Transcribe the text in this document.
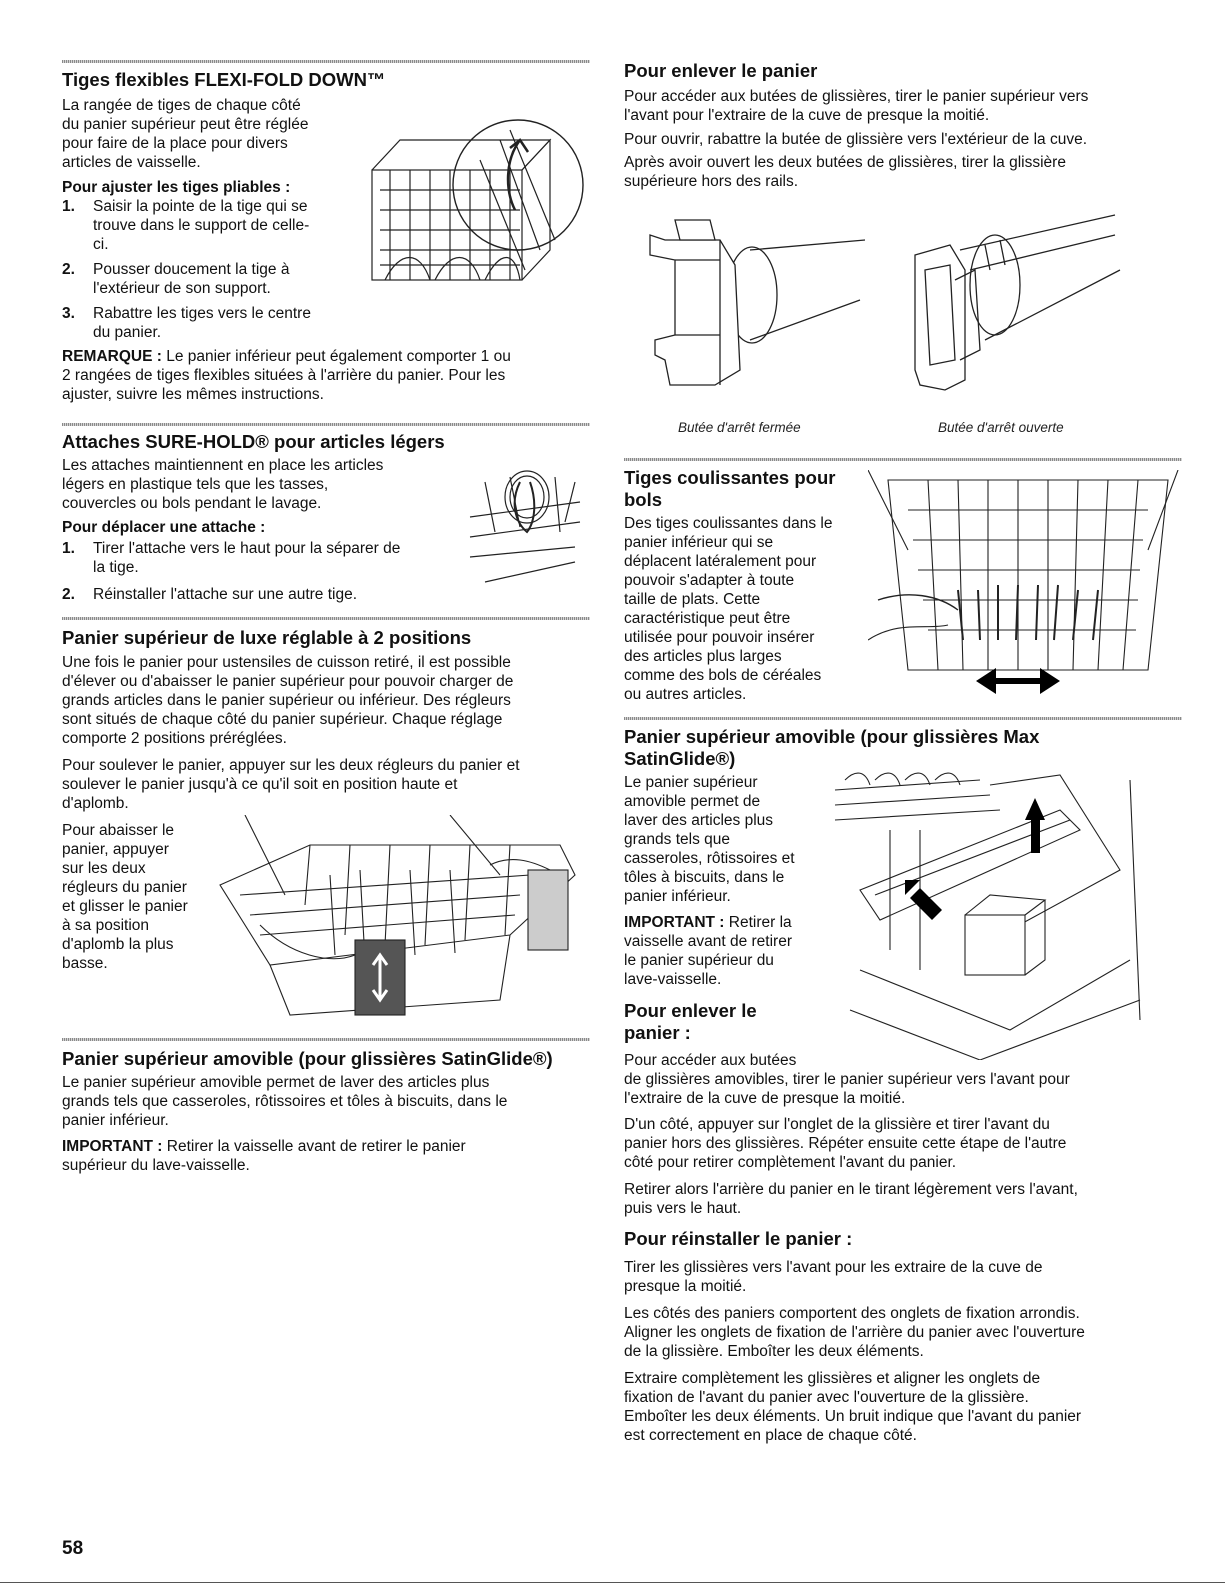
Tiges flexibles FLEXI-FOLD DOWN™

La rangée de tiges de chaque côté

du panier supérieur peut être réglée

pour faire de la place pour divers

articles de vaisselle.

Pour ajuster les tiges pliables :
1. Saisir la pointe de la tige qui se

trouve dans le support de celle-

ci.

2. Pousser doucement la tige à

l'extérieur de son support.

3. Rabattre les tiges vers le centre

du panier.

REMARQUE : Le panier inférieur peut également comporter 1 ou

2 rangées de tiges flexibles situées à l'arrière du panier. Pour les

ajuster, suivre les mêmes instructions.

Attaches SURE-HOLD® pour articles légers

Les attaches maintiennent en place les articles

légers en plastique tels que les tasses,

couvercles ou bols pendant le lavage.

Pour déplacer une attache :
1. Tirer l'attache vers le haut pour la séparer de

la tige.

2. Réinstaller l'attache sur une autre tige.
Panier supérieur de luxe réglable à 2 positions

Une fois le panier pour ustensiles de cuisson retiré, il est possible

d'élever ou d'abaisser le panier supérieur pour pouvoir charger de

grands articles dans le panier supérieur ou inférieur. Des régleurs

sont situés de chaque côté du panier supérieur. Chaque réglage

comporte 2 positions préréglées.

Pour soulever le panier, appuyer sur les deux régleurs du panier et

soulever le panier jusqu'à ce qu'il soit en position haute et

d'aplomb.

Pour abaisser le

panier, appuyer

sur les deux

régleurs du panier

et glisser le panier

à sa position

d'aplomb la plus

basse.

Panier supérieur amovible (pour glissières SatinGlide®)

Le panier supérieur amovible permet de laver des articles plus

grands tels que casseroles, rôtissoires et tôles à biscuits, dans le

panier inférieur.

IMPORTANT : Retirer la vaisselle avant de retirer le panier

supérieur du lave-vaisselle.

58
Pour enlever le panier

Pour accéder aux butées de glissières, tirer le panier supérieur vers

l'avant pour l'extraire de la cuve de presque la moitié.

Pour ouvrir, rabattre la butée de glissière vers l'extérieur de la cuve.

Après avoir ouvert les deux butées de glissières, tirer la glissière

supérieure hors des rails.

Butée d'arrêt fermée	Butée d'arrêt ouverte
Tiges coulissantes pour
bols

Des tiges coulissantes dans le

panier inférieur qui se

déplacent latéralement pour

pouvoir s'adapter à toute

taille de plats. Cette

caractéristique peut être

utilisée pour pouvoir insérer

des articles plus larges

comme des bols de céréales

ou autres articles.

Panier supérieur amovible (pour glissières Max
SatinGlide®)

Le panier supérieur

amovible permet de

laver des articles plus

grands tels que

casseroles, rôtissoires et

tôles à biscuits, dans le

panier inférieur.

IMPORTANT : Retirer la

vaisselle avant de retirer

le panier supérieur du

lave-vaisselle.

Pour enlever le
panier :

Pour accéder aux butées

de glissières amovibles, tirer le panier supérieur vers l'avant pour

l'extraire de la cuve de presque la moitié.

D'un côté, appuyer sur l'onglet de la glissière et tirer l'avant du

panier hors des glissières. Répéter ensuite cette étape de l'autre

côté pour retirer complètement l'avant du panier.

Retirer alors l'arrière du panier en le tirant légèrement vers l'avant,

puis vers le haut.

Pour réinstaller le panier :

Tirer les glissières vers l'avant pour les extraire de la cuve de

presque la moitié.

Les côtés des paniers comportent des onglets de fixation arrondis.

Aligner les onglets de fixation de l'arrière du panier avec l'ouverture

de la glissière. Emboîter les deux éléments.

Extraire complètement les glissières et aligner les onglets de

fixation de l'avant du panier avec l'ouverture de la glissière.

Emboîter les deux éléments. Un bruit indique que l'avant du panier

est correctement en place de chaque côté.
